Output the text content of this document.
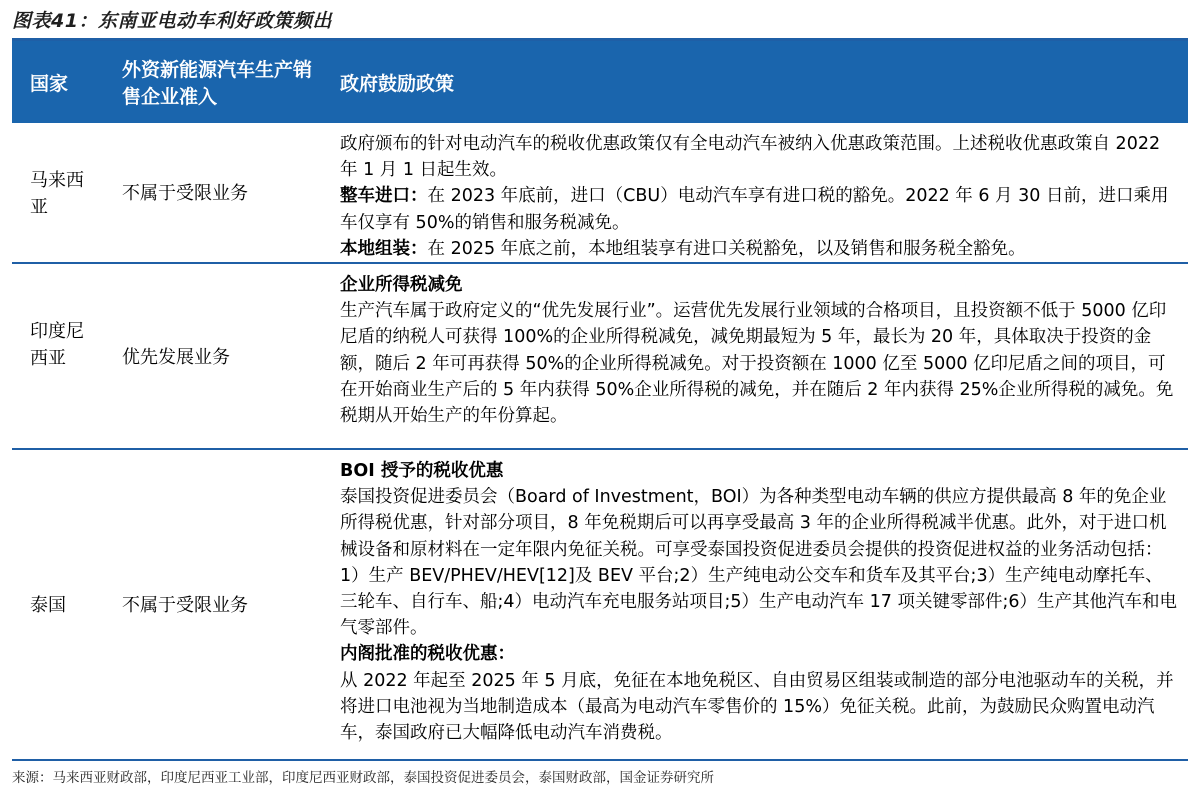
图表41：东南亚电动车利好政策频出
国家
外资新能源汽车生产销售企业准入
政府鼓励政策
马来西亚
不属于受限业务

政府颁布的针对电动汽车的税收优惠政策仅有全电动汽车被纳入优惠政策范围。上述税收优惠政策自 2022 年 1 月 1 日起生效。

整车进口：在 2023 年底前，进口（CBU）电动汽车享有进口税的豁免。2022 年 6 月 30 日前，进口乘用车仅享有 50%的销售和服务税减免。

本地组装：在 2025 年底之前，本地组装享有进口关税豁免，以及销售和服务税全豁免。

印度尼西亚	优先发展业务

企业所得税减免

生产汽车属于政府定义的“优先发展行业”。运营优先发展行业领域的合格项目，且投资额不低于 5000 亿印尼盾的纳税人可获得 100%的企业所得税减免，减免期最短为 5 年，最长为 20 年，具体取决于投资的金额，随后 2 年可再获得 50%的企业所得税减免。对于投资额在 1000 亿至 5000 亿印尼盾之间的项目，可在开始商业生产后的 5 年内获得 50%企业所得税的减免，并在随后 2 年内获得 25%企业所得税的减免。免税期从开始生产的年份算起。

泰国	不属于受限业务

BOI 授予的税收优惠

泰国投资促进委员会（Board of Investment，BOI）为各种类型电动车辆的供应方提供最高 8 年的免企业所得税优惠，针对部分项目，8 年免税期后可以再享受最高 3 年的企业所得税减半优惠。此外，对于进口机械设备和原材料在一定年限内免征关税。可享受泰国投资促进委员会提供的投资促进权益的业务活动包括：

1）生产 BEV/PHEV/HEV[12]及 BEV 平台;2）生产纯电动公交车和货车及其平台;3）生产纯电动摩托车、三轮车、自行车、船;4）电动汽车充电服务站项目;5）生产电动汽车 17 项关键零部件;6）生产其他汽车和电气零部件。

内阁批准的税收优惠：

从 2022 年起至 2025 年 5 月底，免征在本地免税区、自由贸易区组装或制造的部分电池驱动车的关税，并将进口电池视为当地制造成本（最高为电动汽车零售价的 15%）免征关税。此前，为鼓励民众购置电动汽车，泰国政府已大幅降低电动汽车消费税。

来源：马来西亚财政部，印度尼西亚工业部，印度尼西亚财政部，泰国投资促进委员会，泰国财政部，国金证券研究所
